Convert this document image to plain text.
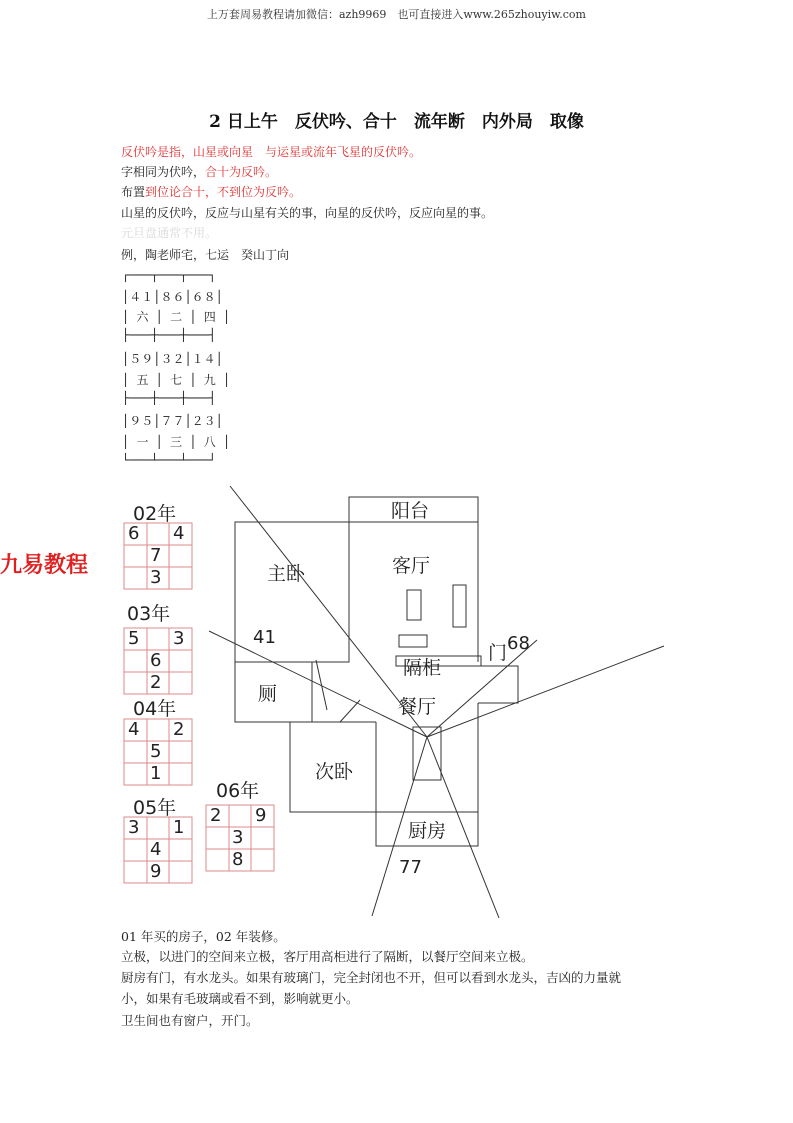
上万套周易教程请加微信：azh9969　也可直接进入www.265zhouyiw.com
2 日上午　反伏吟、合十　流年断　内外局　取像
反伏吟是指，山星或向星　与运星或流年飞星的反伏吟。
字相同为伏吟，合十为反吟。
布置到位论合十，不到位为反吟。
山星的反伏吟，反应与山星有关的事，向星的反伏吟，反应向星的事。
元旦盘通常不用。
例，陶老师宅，七运　癸山丁向
┌───┬───┬───┐
│４１│８６│６８│
│ 六 │ 二 │ 四 │
├───┼───┼───┤
│５９│３２│１４│
│ 五 │ 七 │ 九 │
├───┼───┼───┤
│９５│７７│２３│
│ 一 │ 三 │ 八 │
└───┴───┴───┘
九易教程
02年
6 4
7
3
03年
5 3
6
2
04年
4 2
5
1
05年
3 1
4
9
06年
2 9
3
8
阳台
主卧	客厅
41
隔柜
门 68
厕
餐厅
次卧
厨房
77
01 年买的房子，02 年装修。
立极，以进门的空间来立极，客厅用高柜进行了隔断，以餐厅空间来立极。
厨房有门，有水龙头。如果有玻璃门，完全封闭也不开，但可以看到水龙头，吉凶的力量就
小，如果有毛玻璃或看不到，影响就更小。
卫生间也有窗户，开门。
